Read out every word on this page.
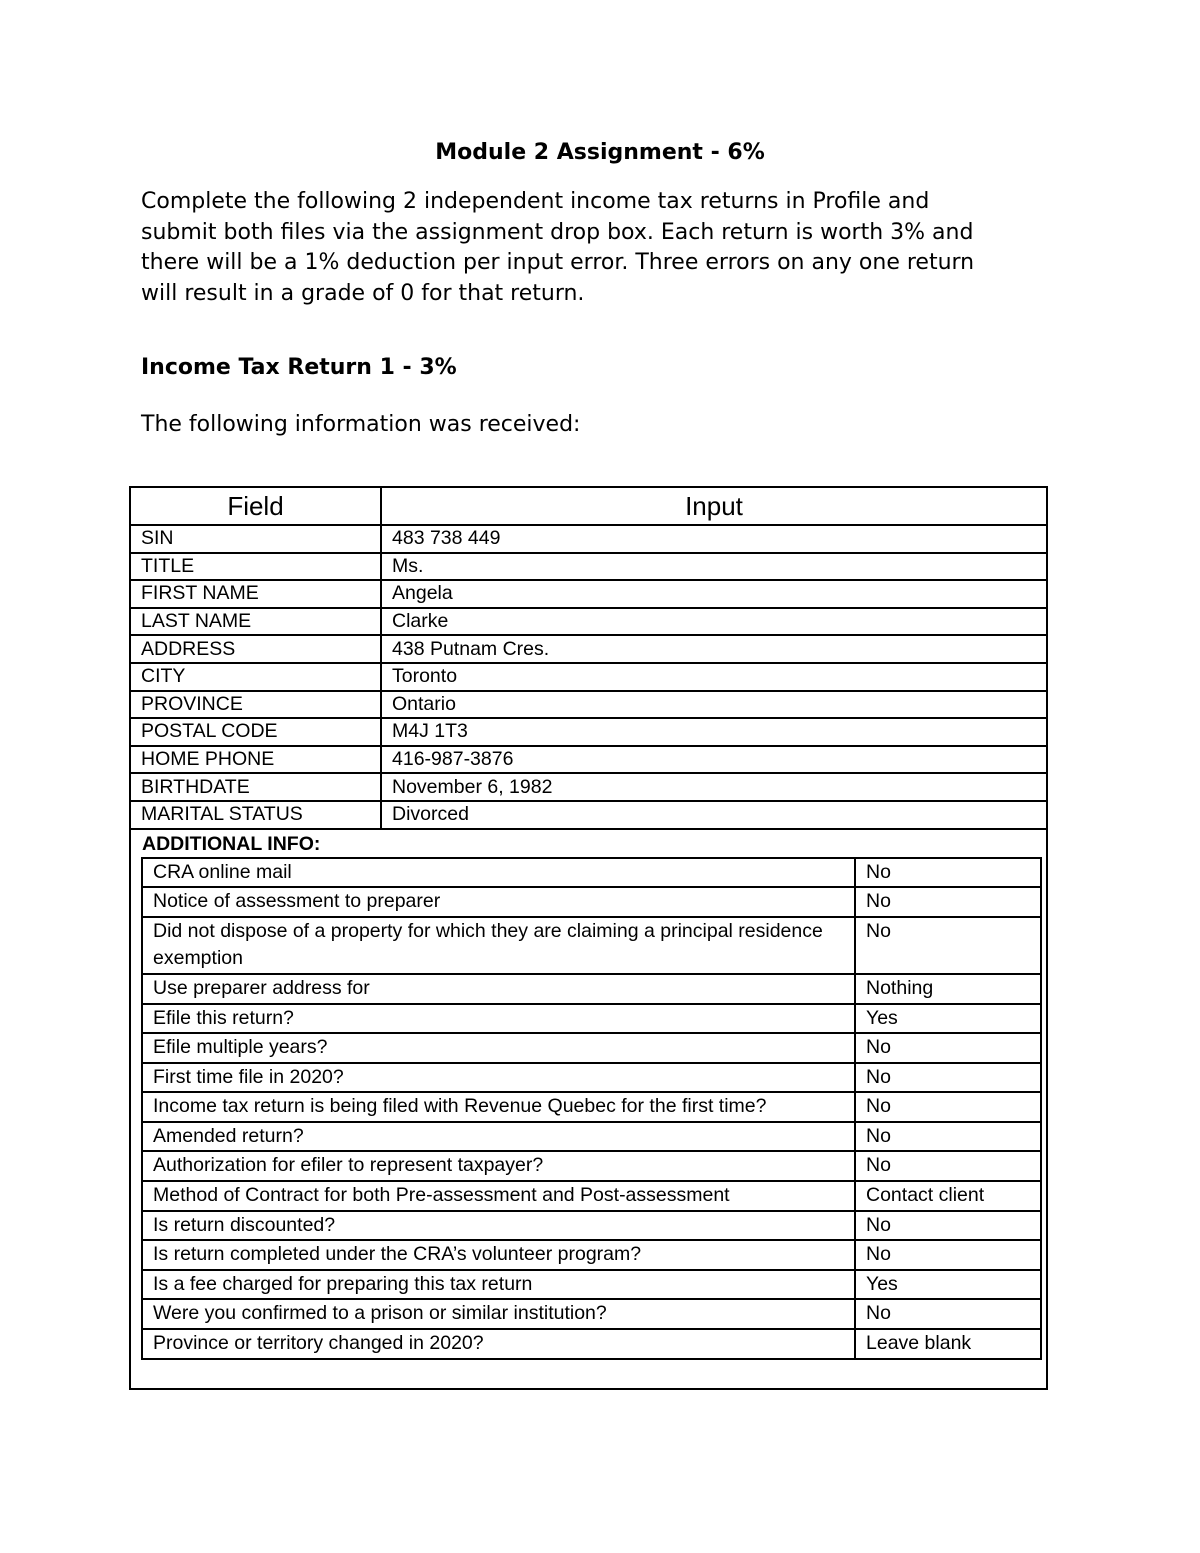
Module 2 Assignment - 6%
Complete the following 2 independent income tax returns in Profile and
submit both files via the assignment drop box. Each return is worth 3% and
there will be a 1% deduction per input error. Three errors on any one return
will result in a grade of 0 for that return.
Income Tax Return 1 - 3%
The following information was received:
Field	Input
SIN	483 738 449
TITLE	Ms.
FIRST NAME	Angela
LAST NAME	Clarke
ADDRESS	438 Putnam Cres.
CITY	Toronto
PROVINCE	Ontario
POSTAL CODE	M4J 1T3
HOME PHONE	416-987-3876
BIRTHDATE	November 6, 1982
MARITAL STATUS	Divorced
ADDITIONAL INFO:
CRA online mail	No
Notice of assessment to preparer	No
Did not dispose of a property for which they are claiming a principal residence exemption	No
Use preparer address for	Nothing
Efile this return?	Yes
Efile multiple years?	No
First time file in 2020?	No
Income tax return is being filed with Revenue Quebec for the first time?	No
Amended return?	No
Authorization for efiler to represent taxpayer?	No
Method of Contract for both Pre-assessment and Post-assessment	Contact client
Is return discounted?	No
Is return completed under the CRA’s volunteer program?	No
Is a fee charged for preparing this tax return	Yes
Were you confirmed to a prison or similar institution?	No
Province or territory changed in 2020?	Leave blank
